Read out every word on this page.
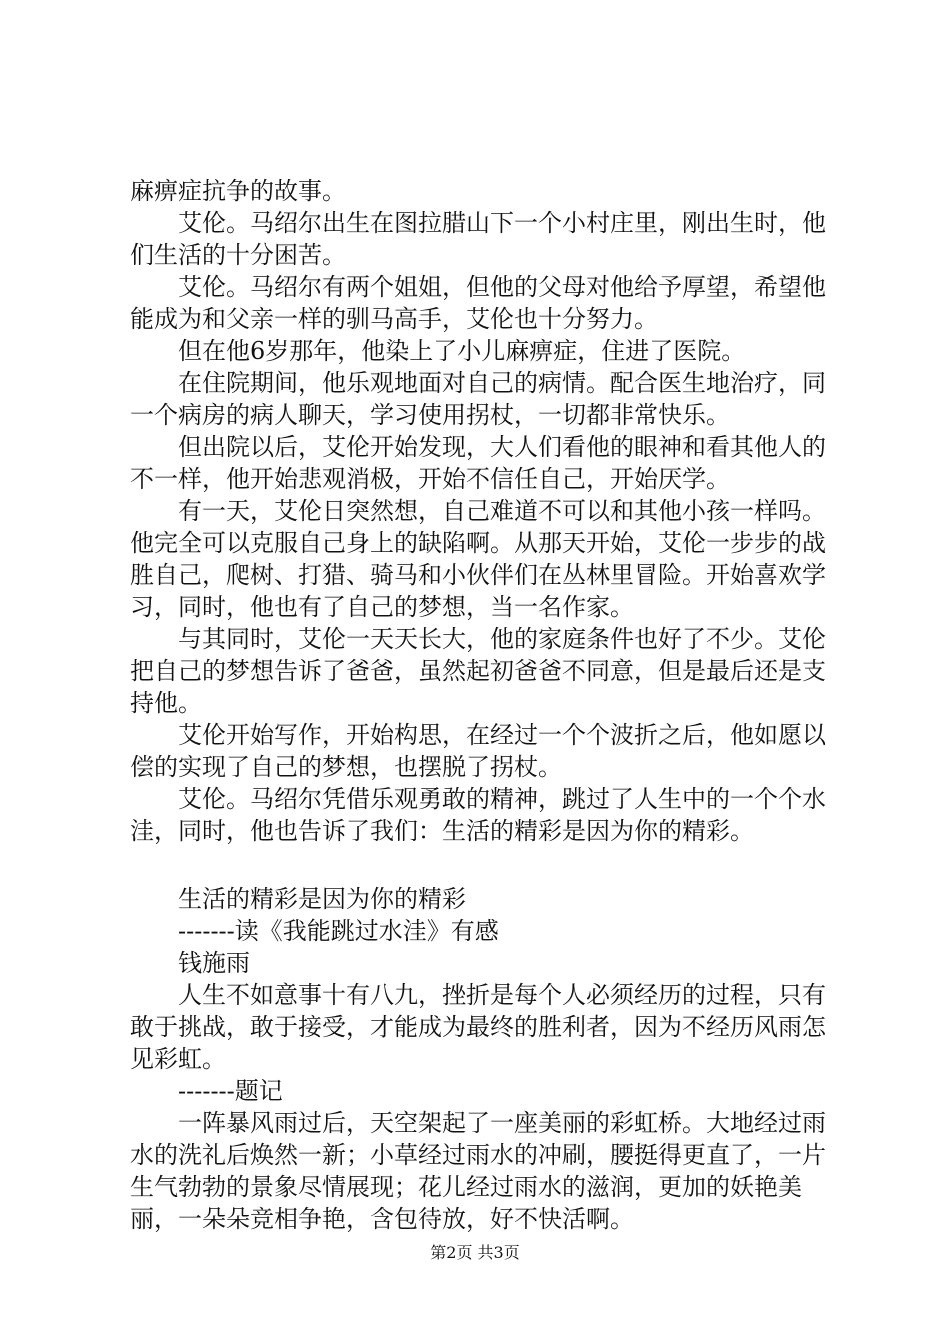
麻痹症抗争的故事。

艾伦。马绍尔出生在图拉腊山下一个小村庄里，刚出生时，他们生活的十分困苦。

艾伦。马绍尔有两个姐姐，但他的父母对他给予厚望，希望他能成为和父亲一样的驯马高手，艾伦也十分努力。

但在他6岁那年，他染上了小儿麻痹症，住进了医院。

在住院期间，他乐观地面对自己的病情。配合医生地治疗，同一个病房的病人聊天，学习使用拐杖，一切都非常快乐。

但出院以后，艾伦开始发现，大人们看他的眼神和看其他人的不一样，他开始悲观消极，开始不信任自己，开始厌学。

有一天，艾伦日突然想，自己难道不可以和其他小孩一样吗。他完全可以克服自己身上的缺陷啊。从那天开始，艾伦一步步的战胜自己，爬树、打猎、骑马和小伙伴们在丛林里冒险。开始喜欢学习，同时，他也有了自己的梦想，当一名作家。

与其同时，艾伦一天天长大，他的家庭条件也好了不少。艾伦把自己的梦想告诉了爸爸，虽然起初爸爸不同意，但是最后还是支持他。

艾伦开始写作，开始构思，在经过一个个波折之后，他如愿以偿的实现了自己的梦想，也摆脱了拐杖。

艾伦。马绍尔凭借乐观勇敢的精神，跳过了人生中的一个个水洼，同时，他也告诉了我们：生活的精彩是因为你的精彩。

生活的精彩是因为你的精彩

-------读《我能跳过水洼》有感

钱施雨

人生不如意事十有八九，挫折是每个人必须经历的过程，只有敢于挑战，敢于接受，才能成为最终的胜利者，因为不经历风雨怎见彩虹。

-------题记

一阵暴风雨过后，天空架起了一座美丽的彩虹桥。大地经过雨水的洗礼后焕然一新；小草经过雨水的冲刷，腰挺得更直了，一片生气勃勃的景象尽情展现；花儿经过雨水的滋润，更加的妖艳美丽，一朵朵竞相争艳，含包待放，好不快活啊。

第2页 共3页
